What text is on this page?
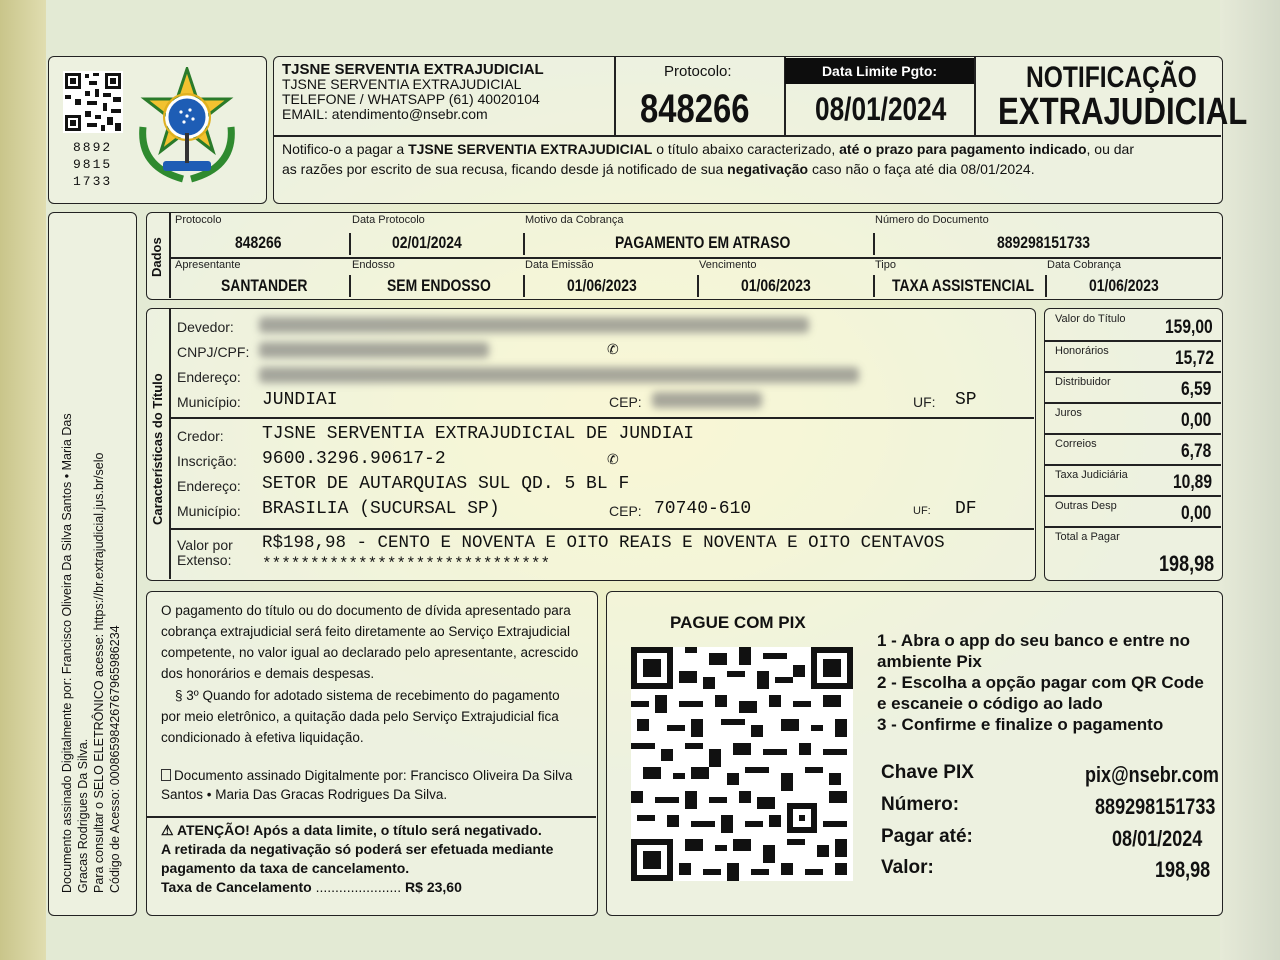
8892
9815
1733
TJSNE SERVENTIA EXTRAJUDICIAL
TJSNE SERVENTIA EXTRAJUDICIAL
TELEFONE / WHATSAPP (61) 40020104
EMAIL: atendimento@nsebr.com
Protocolo:
848266
Data Limite Pgto:
08/01/2024
NOTIFICAÇÃO
EXTRAJUDICIAL
Notifico-o a pagar a TJSNE SERVENTIA EXTRAJUDICIAL o título abaixo caracterizado, até o prazo para pagamento indicado, ou dar as razões por escrito de sua recusa, ficando desde já notificado de sua negativação caso não o faça até dia 08/01/2024.
Documento assinado Digitalmente por: Francisco Oliveira Da Silva Santos • Maria Das Gracas Rodrigues Da Silva. Para consultar o SELO ELETRÔNICO acesse: https://br.extrajudicial.jus.br/selo Código de Acesso: 00086598426767965986234
Dados
Protocolo
848266
Data Protocolo
02/01/2024
Motivo da Cobrança
PAGAMENTO EM ATRASO
Número do Documento
889298151733
Apresentante
SANTANDER
Endosso
SEM ENDOSSO
Data Emissão
01/06/2023
Vencimento
01/06/2023
Tipo
TAXA ASSISTENCIAL
Data Cobrança
01/06/2023
Características do Título
Devedor:
CNPJ/CPF:	✆
Endereço:
Município: JUNDIAI	CEP:	UF: SP
Credor: TJSNE SERVENTIA EXTRAJUDICIAL DE JUNDIAI
Inscrição: 9600.3296.90617-2	✆
Endereço: SETOR DE AUTARQUIAS SUL QD. 5 BL F
Município: BRASILIA (SUCURSAL SP)	CEP: 70740-610	UF: DF
Valor por
Extenso:
R$198,98 - CENTO E NOVENTA E OITO REAIS E NOVENTA E OITO CENTAVOS
******************************
Valor do Título 159,00
Honorários	15,72
Distribuidor	6,59
Juros	0,00
Correios	6,78
Taxa Judiciária 10,89
Outras Desp	0,00
Total a Pagar
198,98
O pagamento do título ou do documento de dívida apresentado para cobrança extrajudicial será feito diretamente ao Serviço Extrajudicial competente, no valor igual ao declarado pelo apresentante, acrescido dos honorários e demais despesas.
§ 3º Quando for adotado sistema de recebimento do pagamento por meio eletrônico, a quitação dada pelo Serviço Extrajudicial fica condicionado à efetiva liquidação.
Documento assinado Digitalmente por: Francisco Oliveira Da Silva Santos • Maria Das Gracas Rodrigues Da Silva.
⚠ ATENÇÃO! Após a data limite, o título será negativado.
A retirada da negativação só poderá ser efetuada mediante pagamento da taxa de cancelamento.
Taxa de Cancelamento ...................... R$ 23,60
PAGUE COM PIX
1 - Abra o app do seu banco e entre no ambiente Pix
2 - Escolha a opção pagar com QR Code e escaneie o código ao lado
3 - Confirme e finalize o pagamento
Chave PIX	pix@nsebr.com
Número:	889298151733
Pagar até:	08/01/2024
Valor:	198,98
